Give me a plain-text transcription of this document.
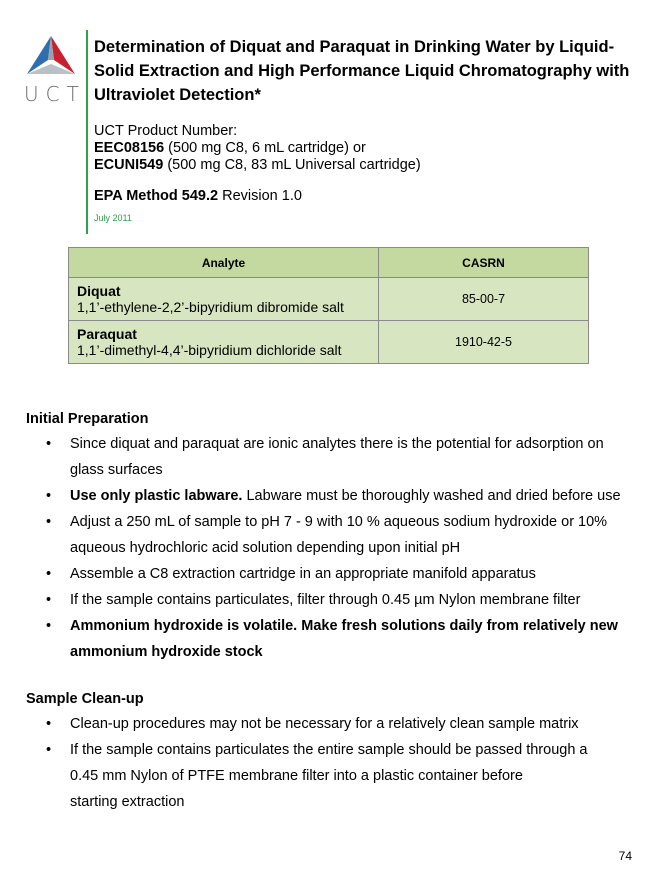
UCT
Determination of Diquat and Paraquat in Drinking Water by Liquid-Solid Extraction and High Performance Liquid Chromatography with Ultraviolet Detection*
UCT Product Number:
EEC08156 (500 mg C8, 6 mL cartridge) or
ECUNI549 (500 mg C8, 83 mL Universal cartridge)
EPA Method 549.2 Revision 1.0
July 2011
Analyte	CASRN

Diquat
1,1’-ethylene-2,2’-bipyridium dibromide salt	85-00-7

Paraquat
1,1’-dimethyl-4,4’-bipyridium dichloride salt	1910-42-5
Initial Preparation
• Since diquat and paraquat are ionic analytes there is the potential for adsorption on glass surfaces
• Use only plastic labware. Labware must be thoroughly washed and dried before use
• Adjust a 250 mL of sample to pH 7 - 9 with 10 % aqueous sodium hydroxide or 10% aqueous hydrochloric acid solution depending upon initial pH
• Assemble a C8 extraction cartridge in an appropriate manifold apparatus
• If the sample contains particulates, filter through 0.45 µm Nylon membrane filter
• Ammonium hydroxide is volatile. Make fresh solutions daily from relatively new ammonium hydroxide stock
Sample Clean-up
• Clean-up procedures may not be necessary for a relatively clean sample matrix
• If the sample contains particulates the entire sample should be passed through a
0.45 mm Nylon of PTFE membrane filter into a plastic container before
starting extraction
74
